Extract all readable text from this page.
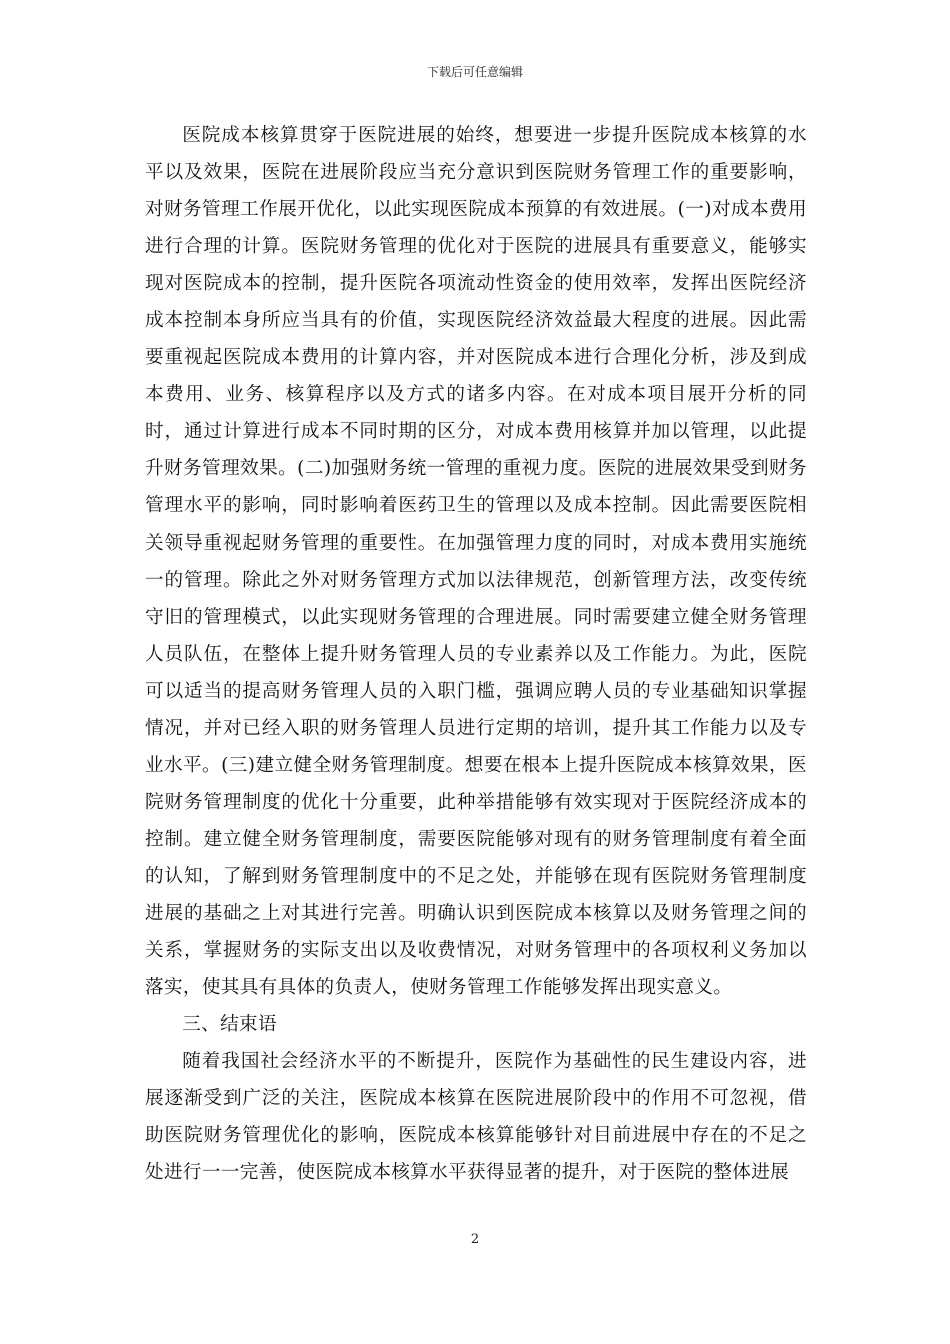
下载后可任意编辑

医院成本核算贯穿于医院进展的始终，想要进一步提升医院成本核算的水平以及效果，医院在进展阶段应当充分意识到医院财务管理工作的重要影响，对财务管理工作展开优化，以此实现医院成本预算的有效进展。(一)对成本费用进行合理的计算。医院财务管理的优化对于医院的进展具有重要意义，能够实现对医院成本的控制，提升医院各项流动性资金的使用效率，发挥出医院经济成本控制本身所应当具有的价值，实现医院经济效益最大程度的进展。因此需要重视起医院成本费用的计算内容，并对医院成本进行合理化分析，涉及到成本费用、业务、核算程序以及方式的诸多内容。在对成本项目展开分析的同时，通过计算进行成本不同时期的区分，对成本费用核算并加以管理，以此提升财务管理效果。(二)加强财务统一管理的重视力度。医院的进展效果受到财务管理水平的影响，同时影响着医药卫生的管理以及成本控制。因此需要医院相关领导重视起财务管理的重要性。在加强管理力度的同时，对成本费用实施统一的管理。除此之外对财务管理方式加以法律规范，创新管理方法，改变传统守旧的管理模式，以此实现财务管理的合理进展。同时需要建立健全财务管理人员队伍，在整体上提升财务管理人员的专业素养以及工作能力。为此，医院可以适当的提高财务管理人员的入职门槛，强调应聘人员的专业基础知识掌握情况，并对已经入职的财务管理人员进行定期的培训，提升其工作能力以及专业水平。(三)建立健全财务管理制度。想要在根本上提升医院成本核算效果，医院财务管理制度的优化十分重要，此种举措能够有效实现对于医院经济成本的控制。建立健全财务管理制度，需要医院能够对现有的财务管理制度有着全面的认知，了解到财务管理制度中的不足之处，并能够在现有医院财务管理制度进展的基础之上对其进行完善。明确认识到医院成本核算以及财务管理之间的关系，掌握财务的实际支出以及收费情况，对财务管理中的各项权利义务加以落实，使其具有具体的负责人，使财务管理工作能够发挥出现实意义。

三、结束语

随着我国社会经济水平的不断提升，医院作为基础性的民生建设内容，进展逐渐受到广泛的关注，医院成本核算在医院进展阶段中的作用不可忽视，借助医院财务管理优化的影响，医院成本核算能够针对目前进展中存在的不足之处进行一一完善，使医院成本核算水平获得显著的提升，对于医院的整体进展

2
